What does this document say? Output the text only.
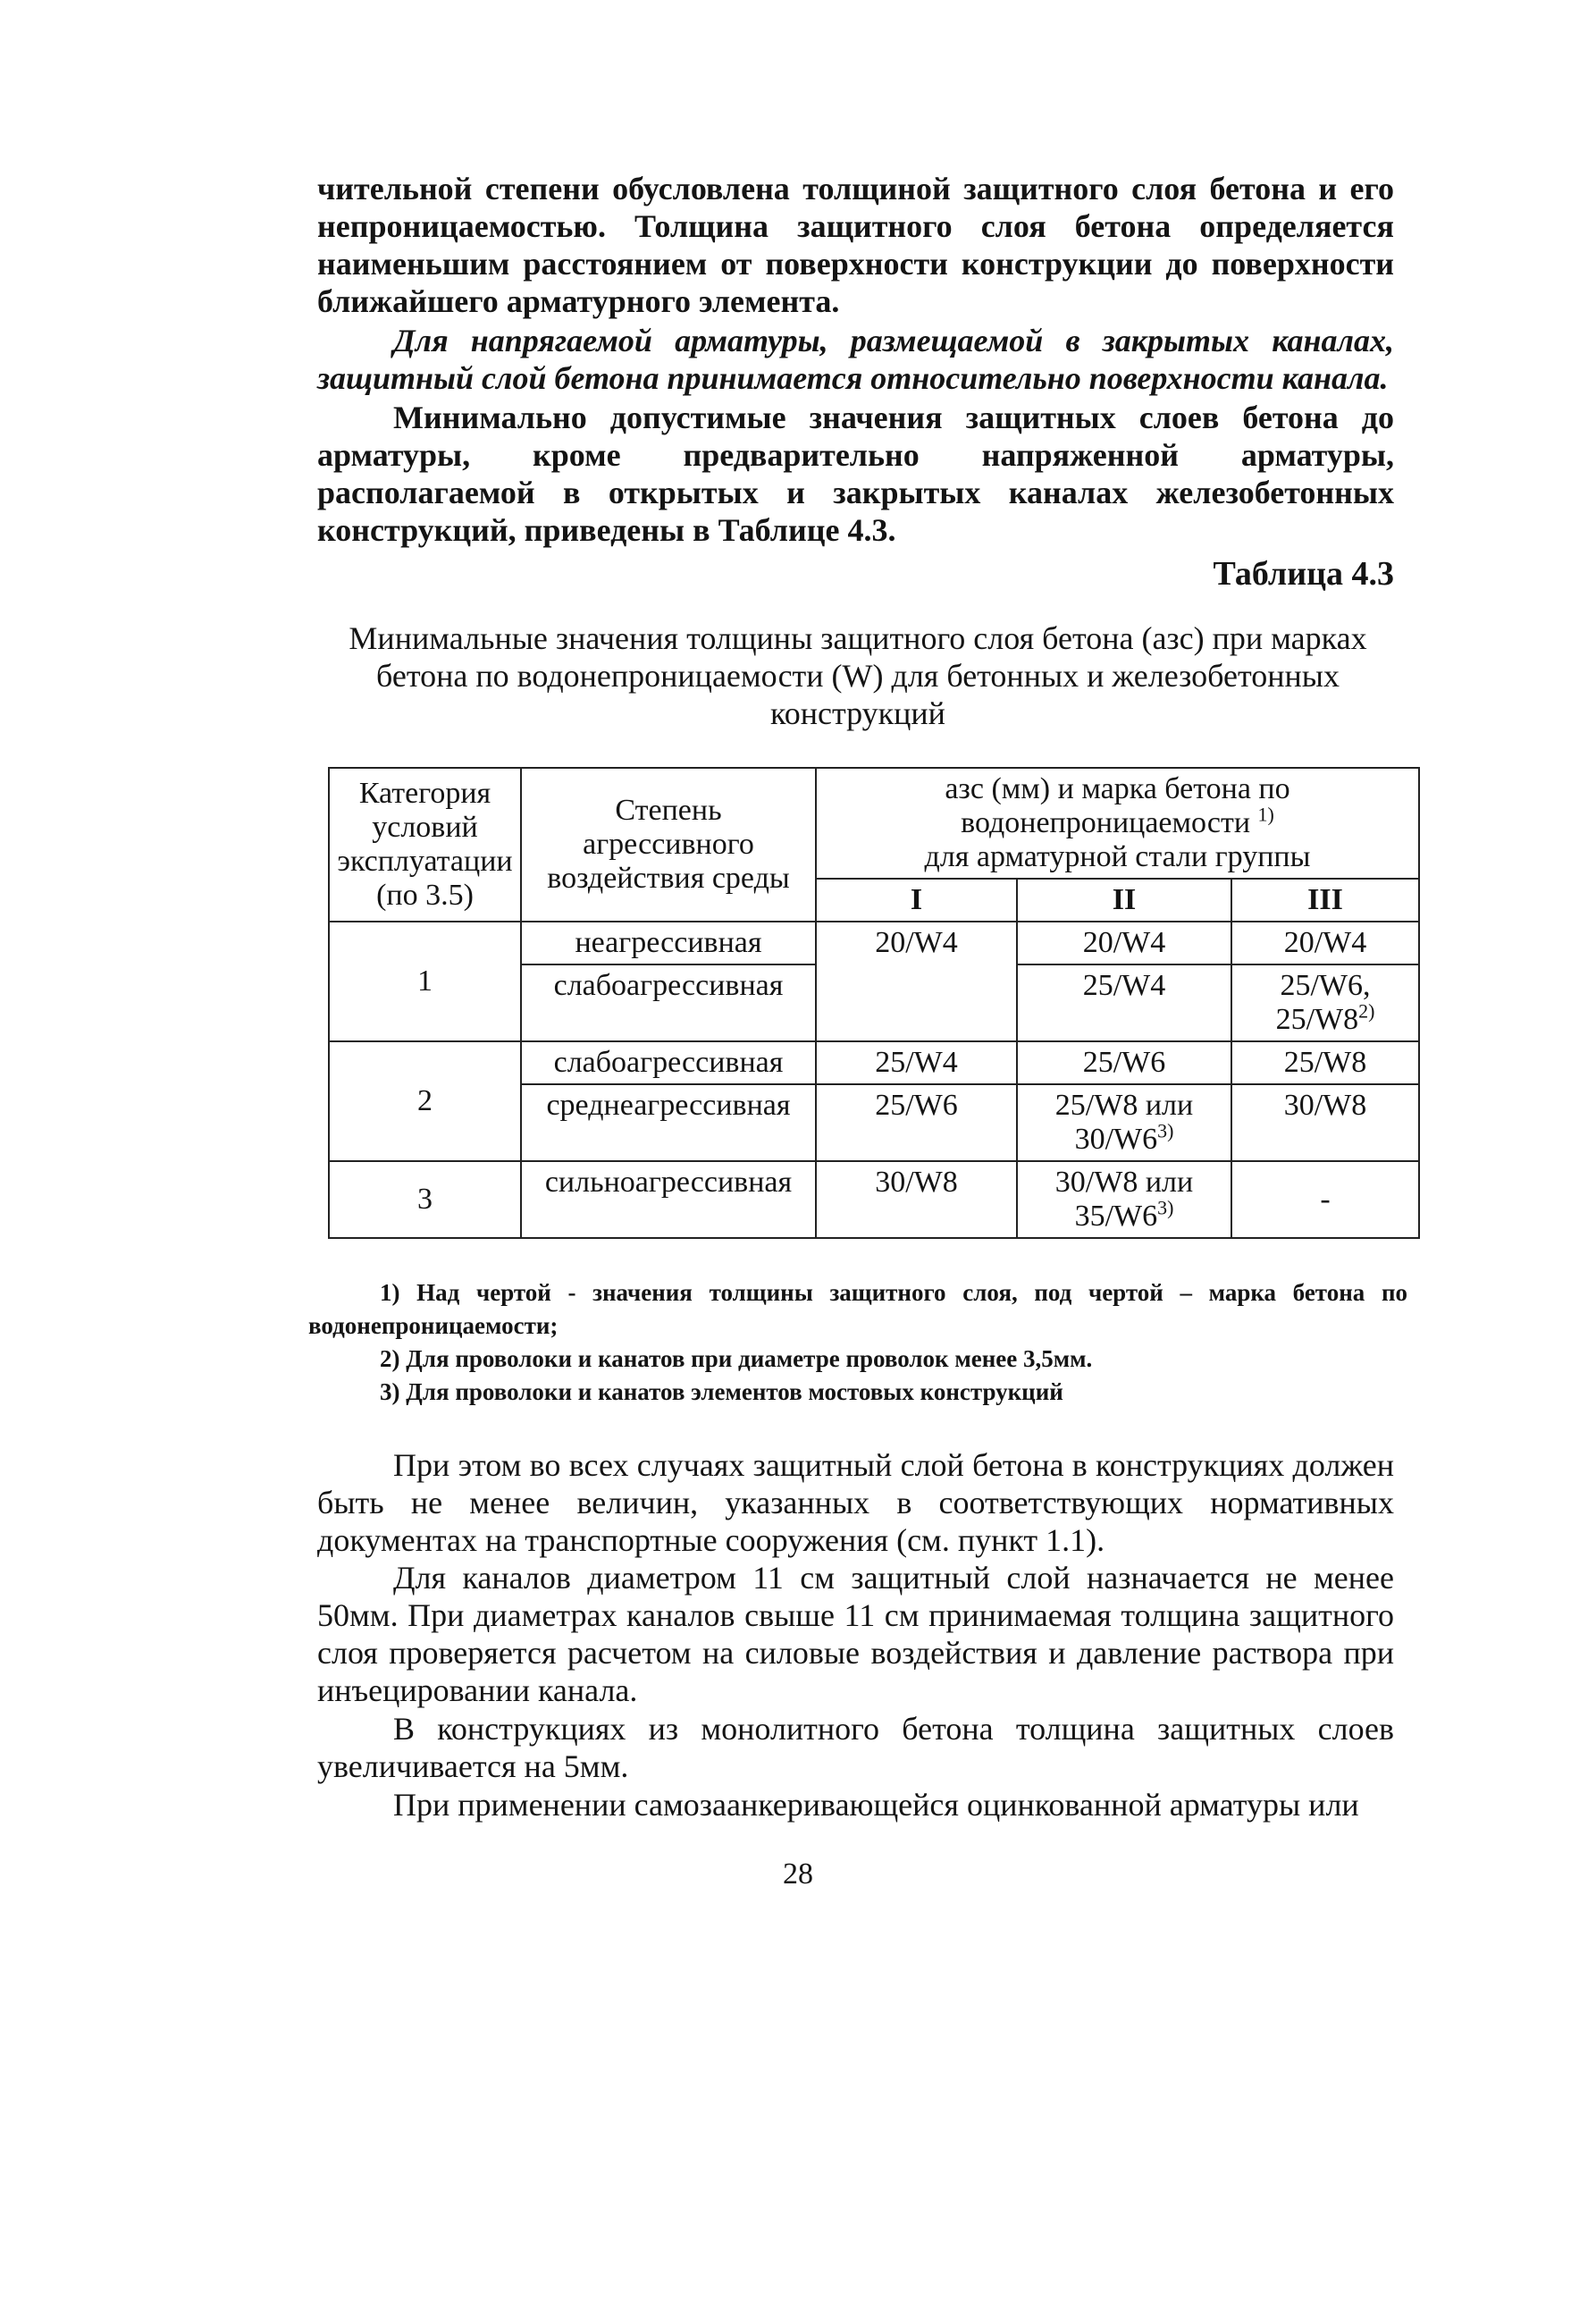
чительной степени обусловлена толщиной защитного слоя бетона и его непроницаемостью. Толщина защитного слоя бетона определяется наименьшим расстоянием от поверхности конструкции до поверхности ближайшего арматурного элемента.

Для напрягаемой арматуры, размещаемой в закрытых каналах, защитный слой бетона принимается относительно поверхности канала.

Минимально допустимые значения защитных слоев бетона до арматуры, кроме предварительно напряженной арматуры, располагаемой в открытых и закрытых каналах железобетонных конструкций, приведены в Таблице 4.3.

Таблица 4.3

Минимальные значения толщины защитного слоя бетона (aзс) при марках бетона по водонепроницаемости (W) для бетонных и железобетонных конструкций

Категория условий эксплуатации (по 3.5)	Степень агрессивного воздействия среды	aзс (мм) и марка бетона по водонепроницаемости $^{1)}$
для арматурной стали группы		
		I	II	III
1	неагрессивная	20/W4	20/W4	20/W4
	слабоагрессивная		25/W4	25/W6, 25/W8$^{2)}$
2	слабоагрессивная	25/W4	25/W6	25/W8
	среднеагрессивная	25/W6	25/W8 или 30/W6$^{3)}$	30/W8
3	сильноагрессивная	30/W8	30/W8 или 35/W6$^{3)}$	-
1) Над чертой - значения толщины защитного слоя, под чертой – марка бетона по водонепроницаемости;
2) Для проволоки и канатов при диаметре проволок менее 3,5мм.
3) Для проволоки и канатов элементов мостовых конструкций

При этом во всех случаях защитный слой бетона в конструкциях должен быть не менее величин, указанных в соответствующих нормативных документах на транспортные сооружения (см. пункт 1.1).

Для каналов диаметром 11 см защитный слой назначается не менее 50мм. При диаметрах каналов свыше 11 см принимаемая толщина защитного слоя проверяется расчетом на силовые воздействия и давление раствора при инъецировании канала.

В конструкциях из монолитного бетона толщина защитных слоев увеличивается на 5мм.

При применении самозаанкеривающейся оцинкованной арматуры или

28
